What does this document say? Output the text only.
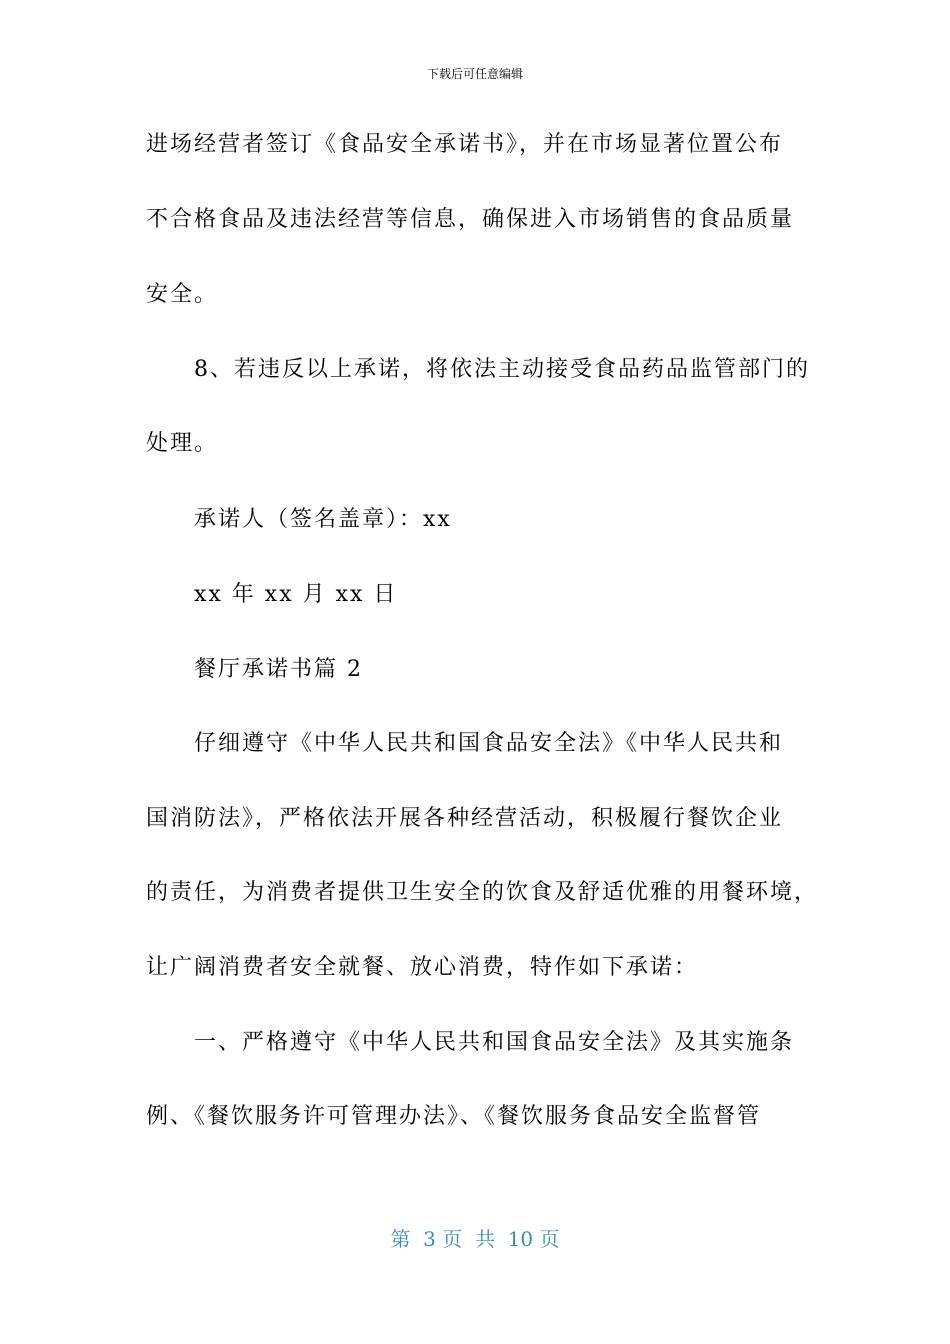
下载后可任意编辑
进场经营者签订《食品安全承诺书》，并在市场显著位置公布
不合格食品及违法经营等信息，确保进入市场销售的食品质量
安全。
　　8、若违反以上承诺，将依法主动接受食品药品监管部门的
处理。
　　承诺人（签名盖章）：xx
　　xx 年 xx 月 xx 日
　　餐厅承诺书篇 2
　　仔细遵守《中华人民共和国食品安全法》《中华人民共和
国消防法》，严格依法开展各种经营活动，积极履行餐饮企业
的责任，为消费者提供卫生安全的饮食及舒适优雅的用餐环境，
让广阔消费者安全就餐、放心消费，特作如下承诺：
　　一、严格遵守《中华人民共和国食品安全法》及其实施条
例、《餐饮服务许可管理办法》、《餐饮服务食品安全监督管
第  3 页  共  10 页
